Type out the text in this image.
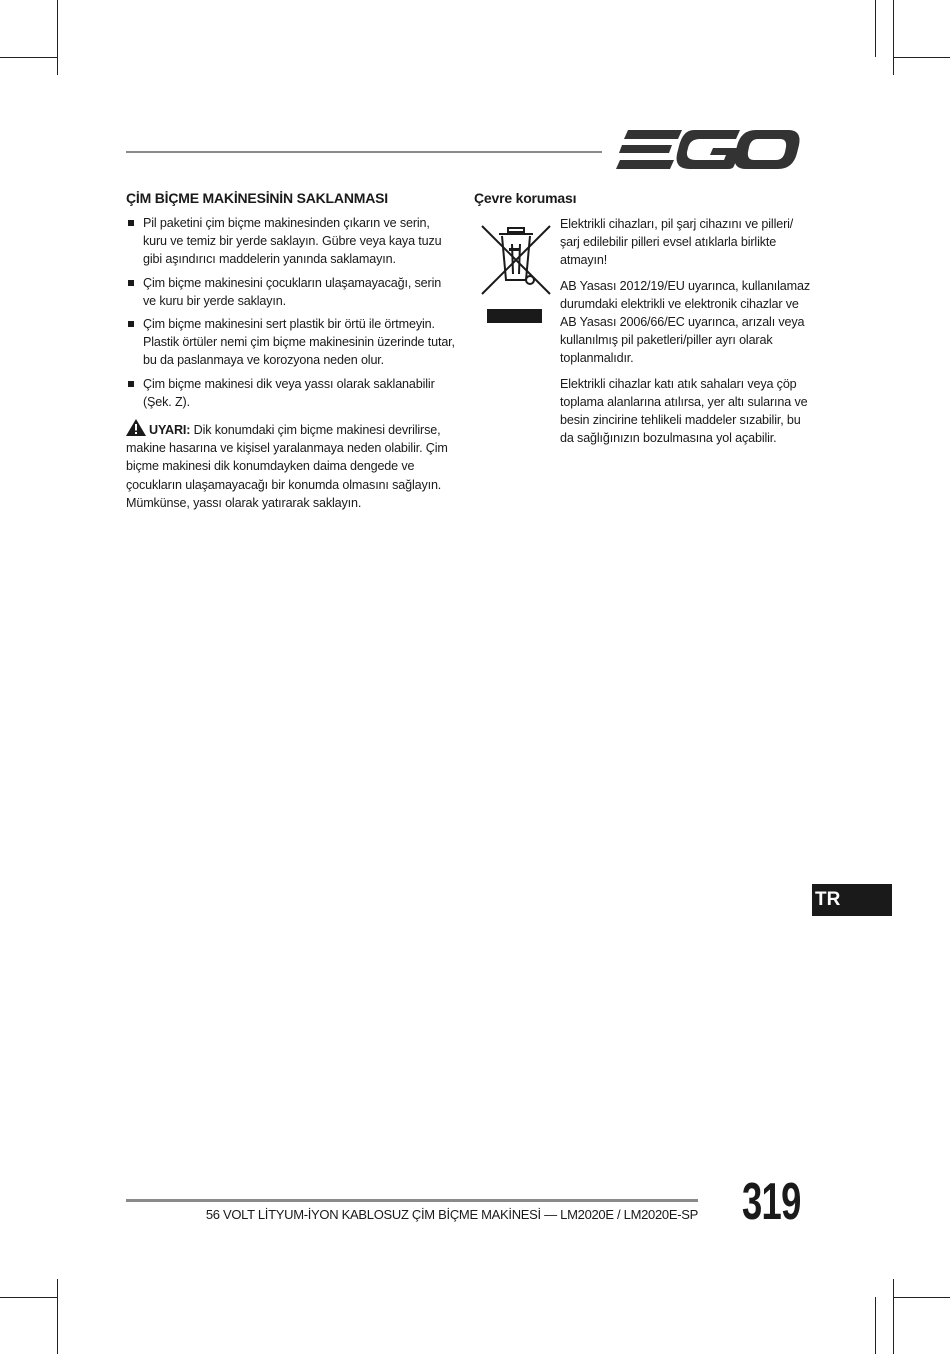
ÇİM BİÇME MAKİNESİNİN SAKLANMASI
Pil paketini çim biçme makinesinden çıkarın ve serin, kuru ve temiz bir yerde saklayın. Gübre veya kaya tuzu gibi aşındırıcı maddelerin yanında saklamayın.
Çim biçme makinesini çocukların ulaşamayacağı, serin ve kuru bir yerde saklayın.
Çim biçme makinesini sert plastik bir örtü ile örtmeyin. Plastik örtüler nemi çim biçme makinesinin üzerinde tutar, bu da paslanmaya ve korozyona neden olur.
Çim biçme makinesi dik veya yassı olarak saklanabilir (Şek. Z).
UYARI: Dik konumdaki çim biçme makinesi devrilirse, makine hasarına ve kişisel yaralanmaya neden olabilir. Çim biçme makinesi dik konumdayken daima dengede ve çocukların ulaşamayacağı bir konumda olmasını sağlayın. Mümkünse, yassı olarak yatırarak saklayın.
Çevre koruması

Elektrikli cihazları, pil şarj cihazını ve pilleri/şarj edilebilir pilleri evsel atıklarla birlikte atmayın!

AB Yasası 2012/19/EU uyarınca, kullanılamaz durumdaki elektrikli ve elektronik cihazlar ve AB Yasası 2006/66/EC uyarınca, arızalı veya kullanılmış pil paketleri/piller ayrı olarak toplanmalıdır.

Elektrikli cihazlar katı atık sahaları veya çöp toplama alanlarına atılırsa, yer altı sularına ve besin zincirine tehlikeli maddeler sızabilir, bu da sağlığınızın bozulmasına yol açabilir.

TR
56 VOLT LİTYUM-İYON KABLOSUZ ÇİM BİÇME MAKİNESİ — LM2020E / LM2020E-SP 319
